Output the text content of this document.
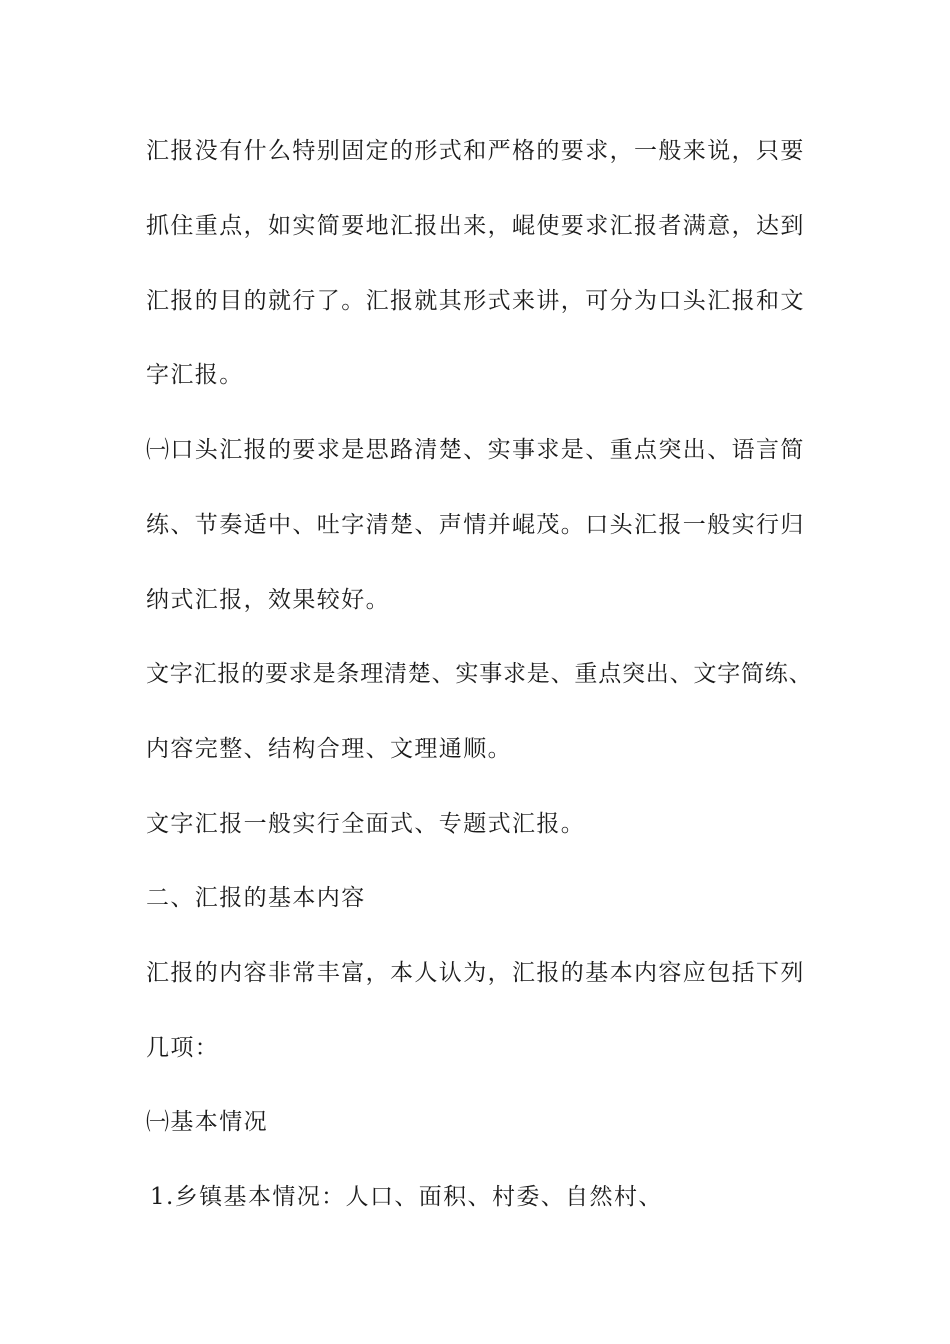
汇报没有什么特别固定的形式和严格的要求，一般来说，只要
抓住重点，如实简要地汇报出来，崐使要求汇报者满意，达到
汇报的目的就行了。汇报就其形式来讲，可分为口头汇报和文
字汇报。
㈠口头汇报的要求是思路清楚、实事求是、重点突出、语言简
练、节奏适中、吐字清楚、声情并崐茂。口头汇报一般实行归
纳式汇报，效果较好。
文字汇报的要求是条理清楚、实事求是、重点突出、文字简练、
内容完整、结构合理、文理通顺。
文字汇报一般实行全面式、专题式汇报。
二、汇报的基本内容
汇报的内容非常丰富，本人认为，汇报的基本内容应包括下列
几项：
㈠基本情况
1.乡镇基本情况：人口、面积、村委、自然村、
